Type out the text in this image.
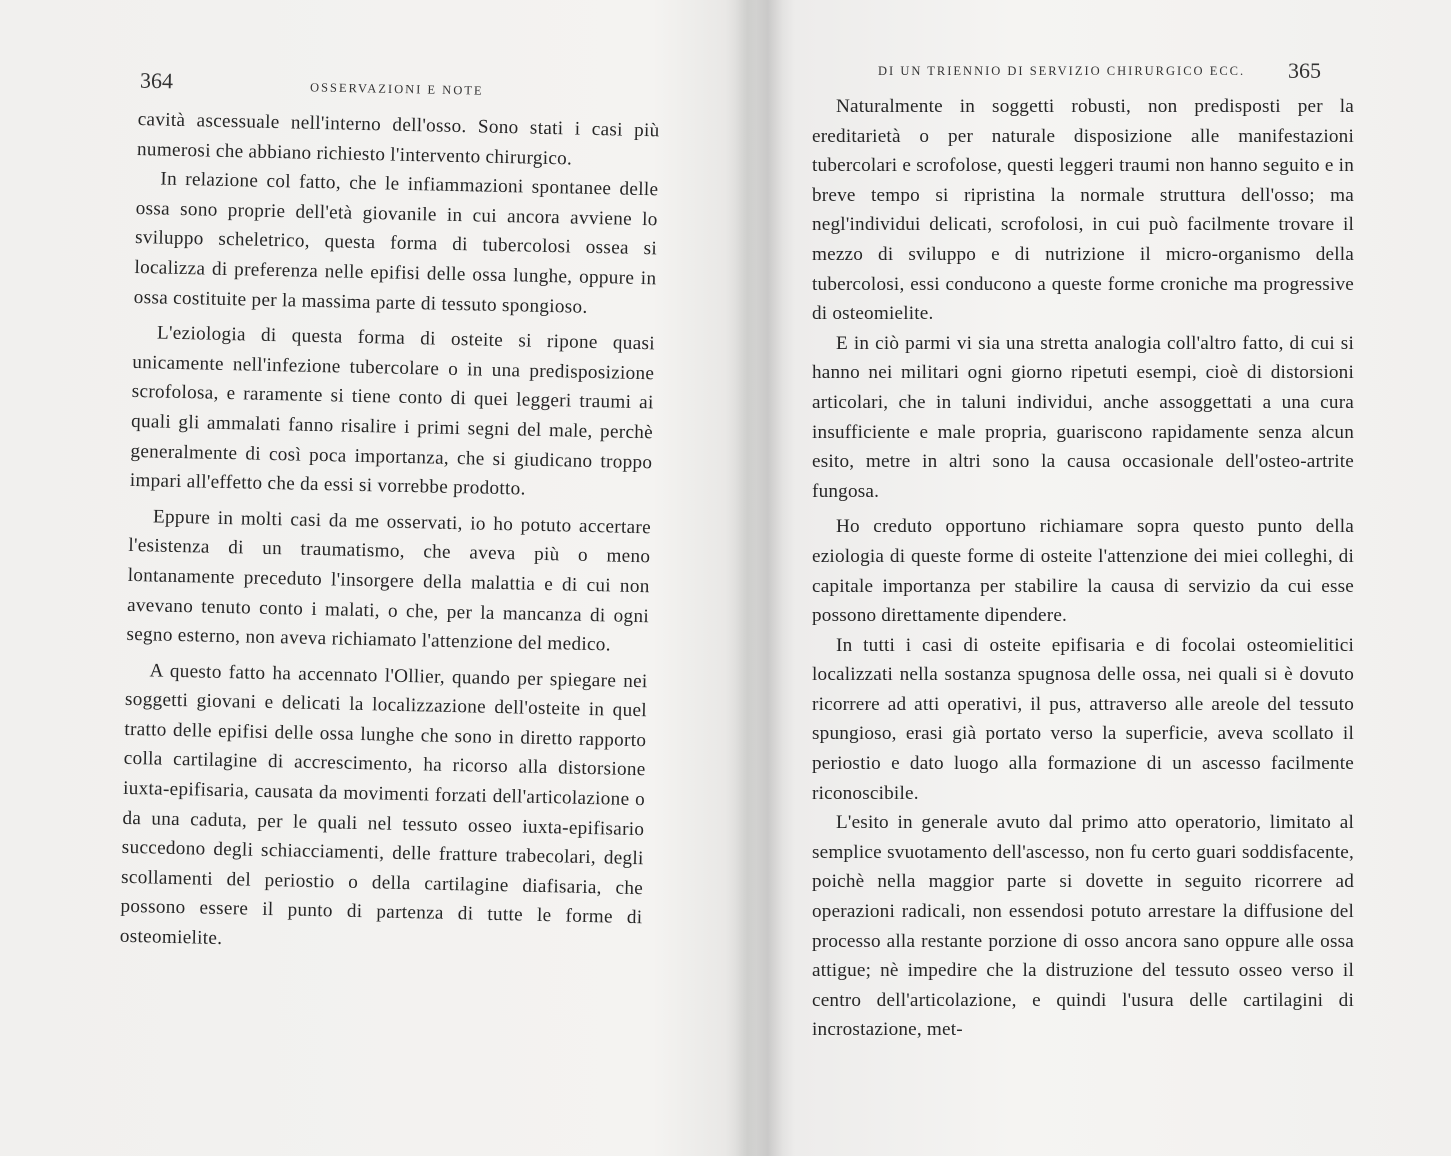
364	OSSERVAZIONI E NOTE

cavità ascessuale nell'interno dell'osso. Sono stati i casi più numerosi che abbiano richiesto l'intervento chirurgico.

In relazione col fatto, che le infiammazioni spontanee delle ossa sono proprie dell'età giovanile in cui ancora avviene lo sviluppo scheletrico, questa forma di tubercolosi ossea si localizza di preferenza nelle epifisi delle ossa lunghe, oppure in ossa costituite per la massima parte di tessuto spongioso.

L'eziologia di questa forma di osteite si ripone quasi unicamente nell'infezione tubercolare o in una predisposizione scrofolosa, e raramente si tiene conto di quei leggeri traumi ai quali gli ammalati fanno risalire i primi segni del male, perchè generalmente di così poca importanza, che si giudicano troppo impari all'effetto che da essi si vorrebbe prodotto.

Eppure in molti casi da me osservati, io ho potuto accertare l'esistenza di un traumatismo, che aveva più o meno lontanamente preceduto l'insorgere della malattia e di cui non avevano tenuto conto i malati, o che, per la mancanza di ogni segno esterno, non aveva richiamato l'attenzione del medico.

A questo fatto ha accennato l'Ollier, quando per spiegare nei soggetti giovani e delicati la localizzazione dell'osteite in quel tratto delle epifisi delle ossa lunghe che sono in diretto rapporto colla cartilagine di accrescimento, ha ricorso alla distorsione iuxta-epifisaria, causata da movimenti forzati dell'articolazione o da una caduta, per le quali nel tessuto osseo iuxta-epifisario succedono degli schiacciamenti, delle fratture trabecolari, degli scollamenti del periostio o della cartilagine diafisaria, che possono essere il punto di partenza di tutte le forme di osteomielite.

DI UN TRIENNIO DI SERVIZIO CHIRURGICO ECC. 365

Naturalmente in soggetti robusti, non predisposti per la ereditarietà o per naturale disposizione alle manifestazioni tubercolari e scrofolose, questi leggeri traumi non hanno seguito e in breve tempo si ripristina la normale struttura dell'osso; ma negl'individui delicati, scrofolosi, in cui può facilmente trovare il mezzo di sviluppo e di nutrizione il micro-organismo della tubercolosi, essi conducono a queste forme croniche ma progressive di osteomielite.

E in ciò parmi vi sia una stretta analogia coll'altro fatto, di cui si hanno nei militari ogni giorno ripetuti esempi, cioè di distorsioni articolari, che in taluni individui, anche assoggettati a una cura insufficiente e male propria, guariscono rapidamente senza alcun esito, metre in altri sono la causa occasionale dell'osteo-artrite fungosa.

Ho creduto opportuno richiamare sopra questo punto della eziologia di queste forme di osteite l'attenzione dei miei colleghi, di capitale importanza per stabilire la causa di servizio da cui esse possono direttamente dipendere.

In tutti i casi di osteite epifisaria e di focolai osteomielitici localizzati nella sostanza spugnosa delle ossa, nei quali si è dovuto ricorrere ad atti operativi, il pus, attraverso alle areole del tessuto spungioso, erasi già portato verso la superficie, aveva scollato il periostio e dato luogo alla formazione di un ascesso facilmente riconoscibile.

L'esito in generale avuto dal primo atto operatorio, limitato al semplice svuotamento dell'ascesso, non fu certo guari soddisfacente, poichè nella maggior parte si dovette in seguito ricorrere ad operazioni radicali, non essendosi potuto arrestare la diffusione del processo alla restante porzione di osso ancora sano oppure alle ossa attigue; nè impedire che la distruzione del tessuto osseo verso il centro dell'articolazione, e quindi l'usura delle cartilagini di incrostazione, met-
